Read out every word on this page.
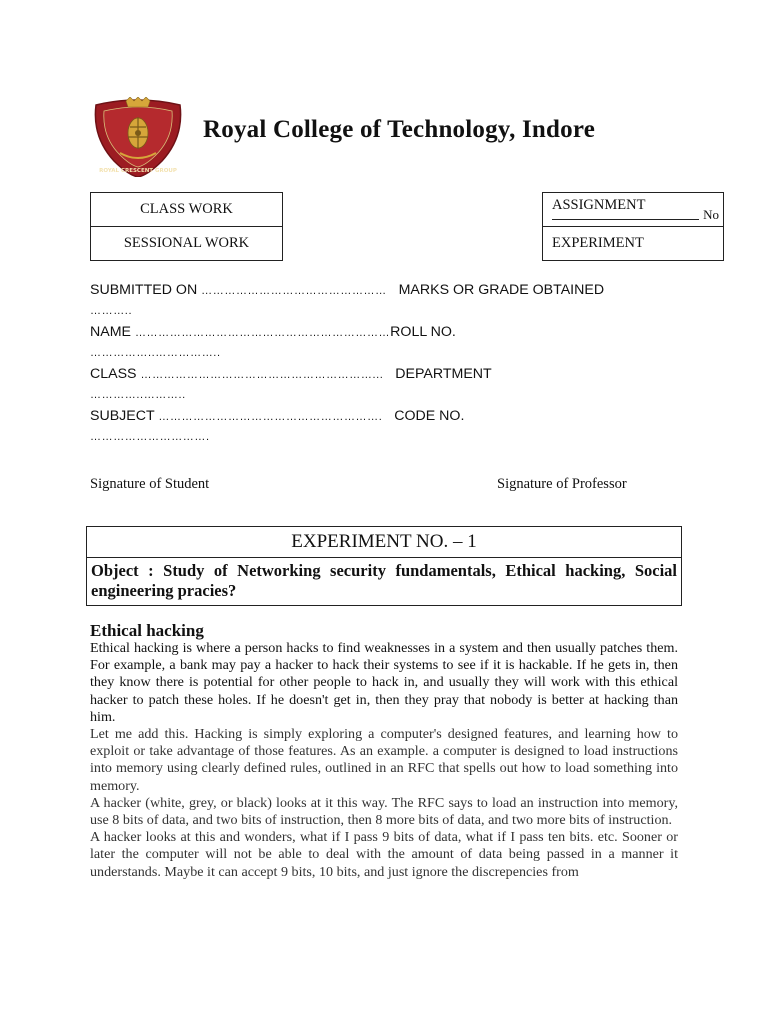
ROYAL CRESCENT GROUP
Royal College of Technology, Indore
CLASS WORK
SESSIONAL WORK
ASSIGNMENT
No

EXPERIMENT
SUBMITTED ON ………………………………………… MARKS OR GRADE OBTAINED
………..
NAME …………………………………………………………ROLL NO.
……………..……………..
CLASS ……………………………………………………... DEPARTMENT
…………..………..
SUBJECT …………………………………………………. CODE NO.
………………………….
Signature of Student	Signature of Professor
EXPERIMENT NO. – 1
Object : Study of Networking security fundamentals, Ethical hacking, Social engineering pracies?
Ethical hacking

Ethical hacking is where a person hacks to find weaknesses in a system and then usually patches them. For example, a bank may pay a hacker to hack their systems to see if it is hackable. If he gets in, then they know there is potential for other people to hack in, and usually they will work with this ethical hacker to patch these holes. If he doesn't get in, then they pray that nobody is better at hacking than him.

Let me add this. Hacking is simply exploring a computer's designed features, and learning how to exploit or take advantage of those features. As an example. a computer is designed to load instructions into memory using clearly defined rules, outlined in an RFC that spells out how to load something into memory.

A hacker (white, grey, or black) looks at it this way. The RFC says to load an instruction into memory, use 8 bits of data, and two bits of instruction, then 8 more bits of data, and two more bits of instruction.

A hacker looks at this and wonders, what if I pass 9 bits of data, what if I pass ten bits. etc. Sooner or later the computer will not be able to deal with the amount of data being passed in a manner it understands. Maybe it can accept 9 bits, 10 bits, and just ignore the discrepencies from
